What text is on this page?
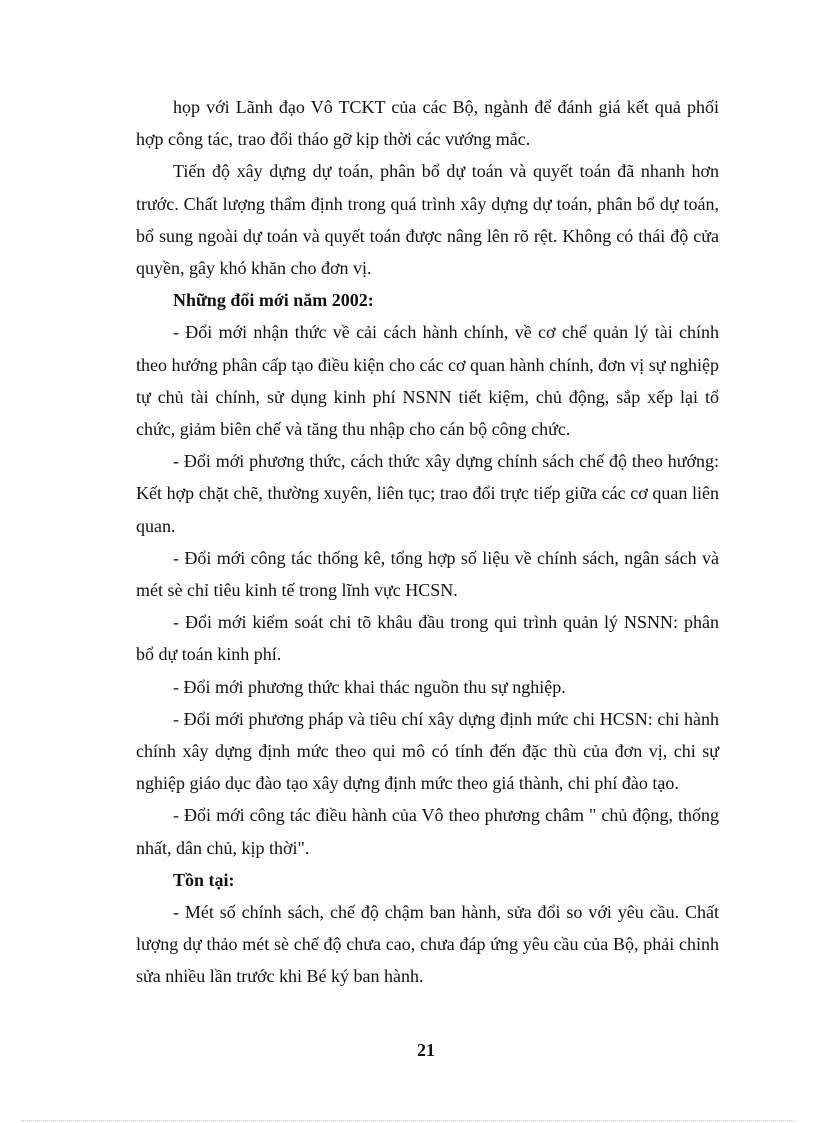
họp với Lãnh đạo Vô TCKT của các Bộ, ngành để đánh giá kết quả phối hợp công tác, trao đổi tháo gỡ kịp thời các vướng mắc.

Tiến độ xây dựng dự toán, phân bổ dự toán và quyết toán đã nhanh hơn trước. Chất lượng thẩm định trong quá trình xây dựng dự toán, phân bổ dự toán, bổ sung ngoài dự toán và quyết toán được nâng lên rõ rệt. Không có thái độ cửa quyền, gây khó khăn cho đơn vị.

Những đổi mới năm 2002:

- Đổi mới nhận thức về cải cách hành chính, về cơ chế quản lý tài chính theo hướng phân cấp tạo điều kiện cho các cơ quan hành chính, đơn vị sự nghiệp tự chủ tài chính, sử dụng kinh phí NSNN tiết kiệm, chủ động, sắp xếp lại tổ chức, giảm biên chế và tăng thu nhập cho cán bộ công chức.

- Đổi mới phương thức, cách thức xây dựng chính sách chế độ theo hướng: Kết hợp chặt chẽ, thường xuyên, liên tục; trao đổi trực tiếp giữa các cơ quan liên quan.

- Đổi mới công tác thống kê, tổng hợp số liệu về chính sách, ngân sách và mét sè chỉ tiêu kinh tế trong lĩnh vực HCSN.

- Đổi mới kiểm soát chi tõ khâu đầu trong qui trình quản lý NSNN: phân bổ dự toán kinh phí.

- Đổi mới phương thức khai thác nguồn thu sự nghiệp.

- Đổi mới phương pháp và tiêu chí xây dựng định mức chi HCSN: chi hành chính xây dựng định mức theo qui mô có tính đến đặc thù của đơn vị, chi sự nghiệp giáo dục đào tạo xây dựng định mức theo giá thành, chi phí đào tạo.

- Đổi mới công tác điều hành của Vô theo phương châm " chủ động, thống nhất, dân chủ, kịp thời".

Tồn tại:

- Mét số chính sách, chế độ chậm ban hành, sửa đổi so với yêu cầu. Chất lượng dự thảo mét sè chế độ chưa cao, chưa đáp ứng yêu cầu của Bộ, phải chỉnh sửa nhiều lần trước khi Bé ký ban hành.

21
